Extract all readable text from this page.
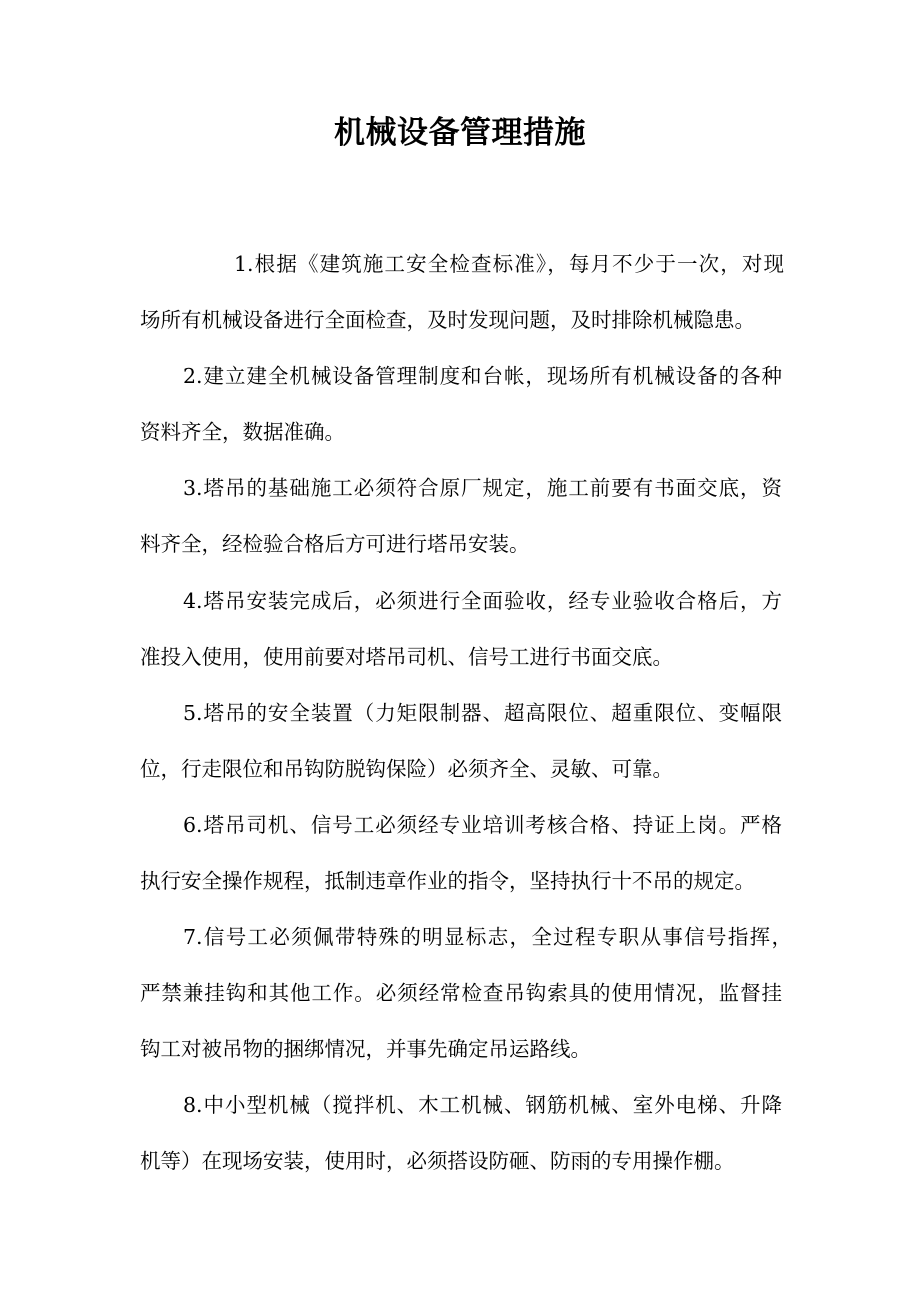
机械设备管理措施

1.根据《建筑施工安全检查标准》，每月不少于一次，对现

场所有机械设备进行全面检查，及时发现问题，及时排除机械隐患。

2.建立建全机械设备管理制度和台帐，现场所有机械设备的各种

资料齐全，数据准确。

3.塔吊的基础施工必须符合原厂规定，施工前要有书面交底，资

料齐全，经检验合格后方可进行塔吊安装。

4.塔吊安装完成后，必须进行全面验收，经专业验收合格后，方

准投入使用，使用前要对塔吊司机、信号工进行书面交底。

5.塔吊的安全装置（力矩限制器、超高限位、超重限位、变幅限

位，行走限位和吊钩防脱钩保险）必须齐全、灵敏、可靠。

6.塔吊司机、信号工必须经专业培训考核合格、持证上岗。严格

执行安全操作规程，抵制违章作业的指令，坚持执行十不吊的规定。

7.信号工必须佩带特殊的明显标志，全过程专职从事信号指挥，

严禁兼挂钩和其他工作。必须经常检查吊钩索具的使用情况，监督挂

钩工对被吊物的捆绑情况，并事先确定吊运路线。

8.中小型机械（搅拌机、木工机械、钢筋机械、室外电梯、升降

机等）在现场安装，使用时，必须搭设防砸、防雨的专用操作棚。
